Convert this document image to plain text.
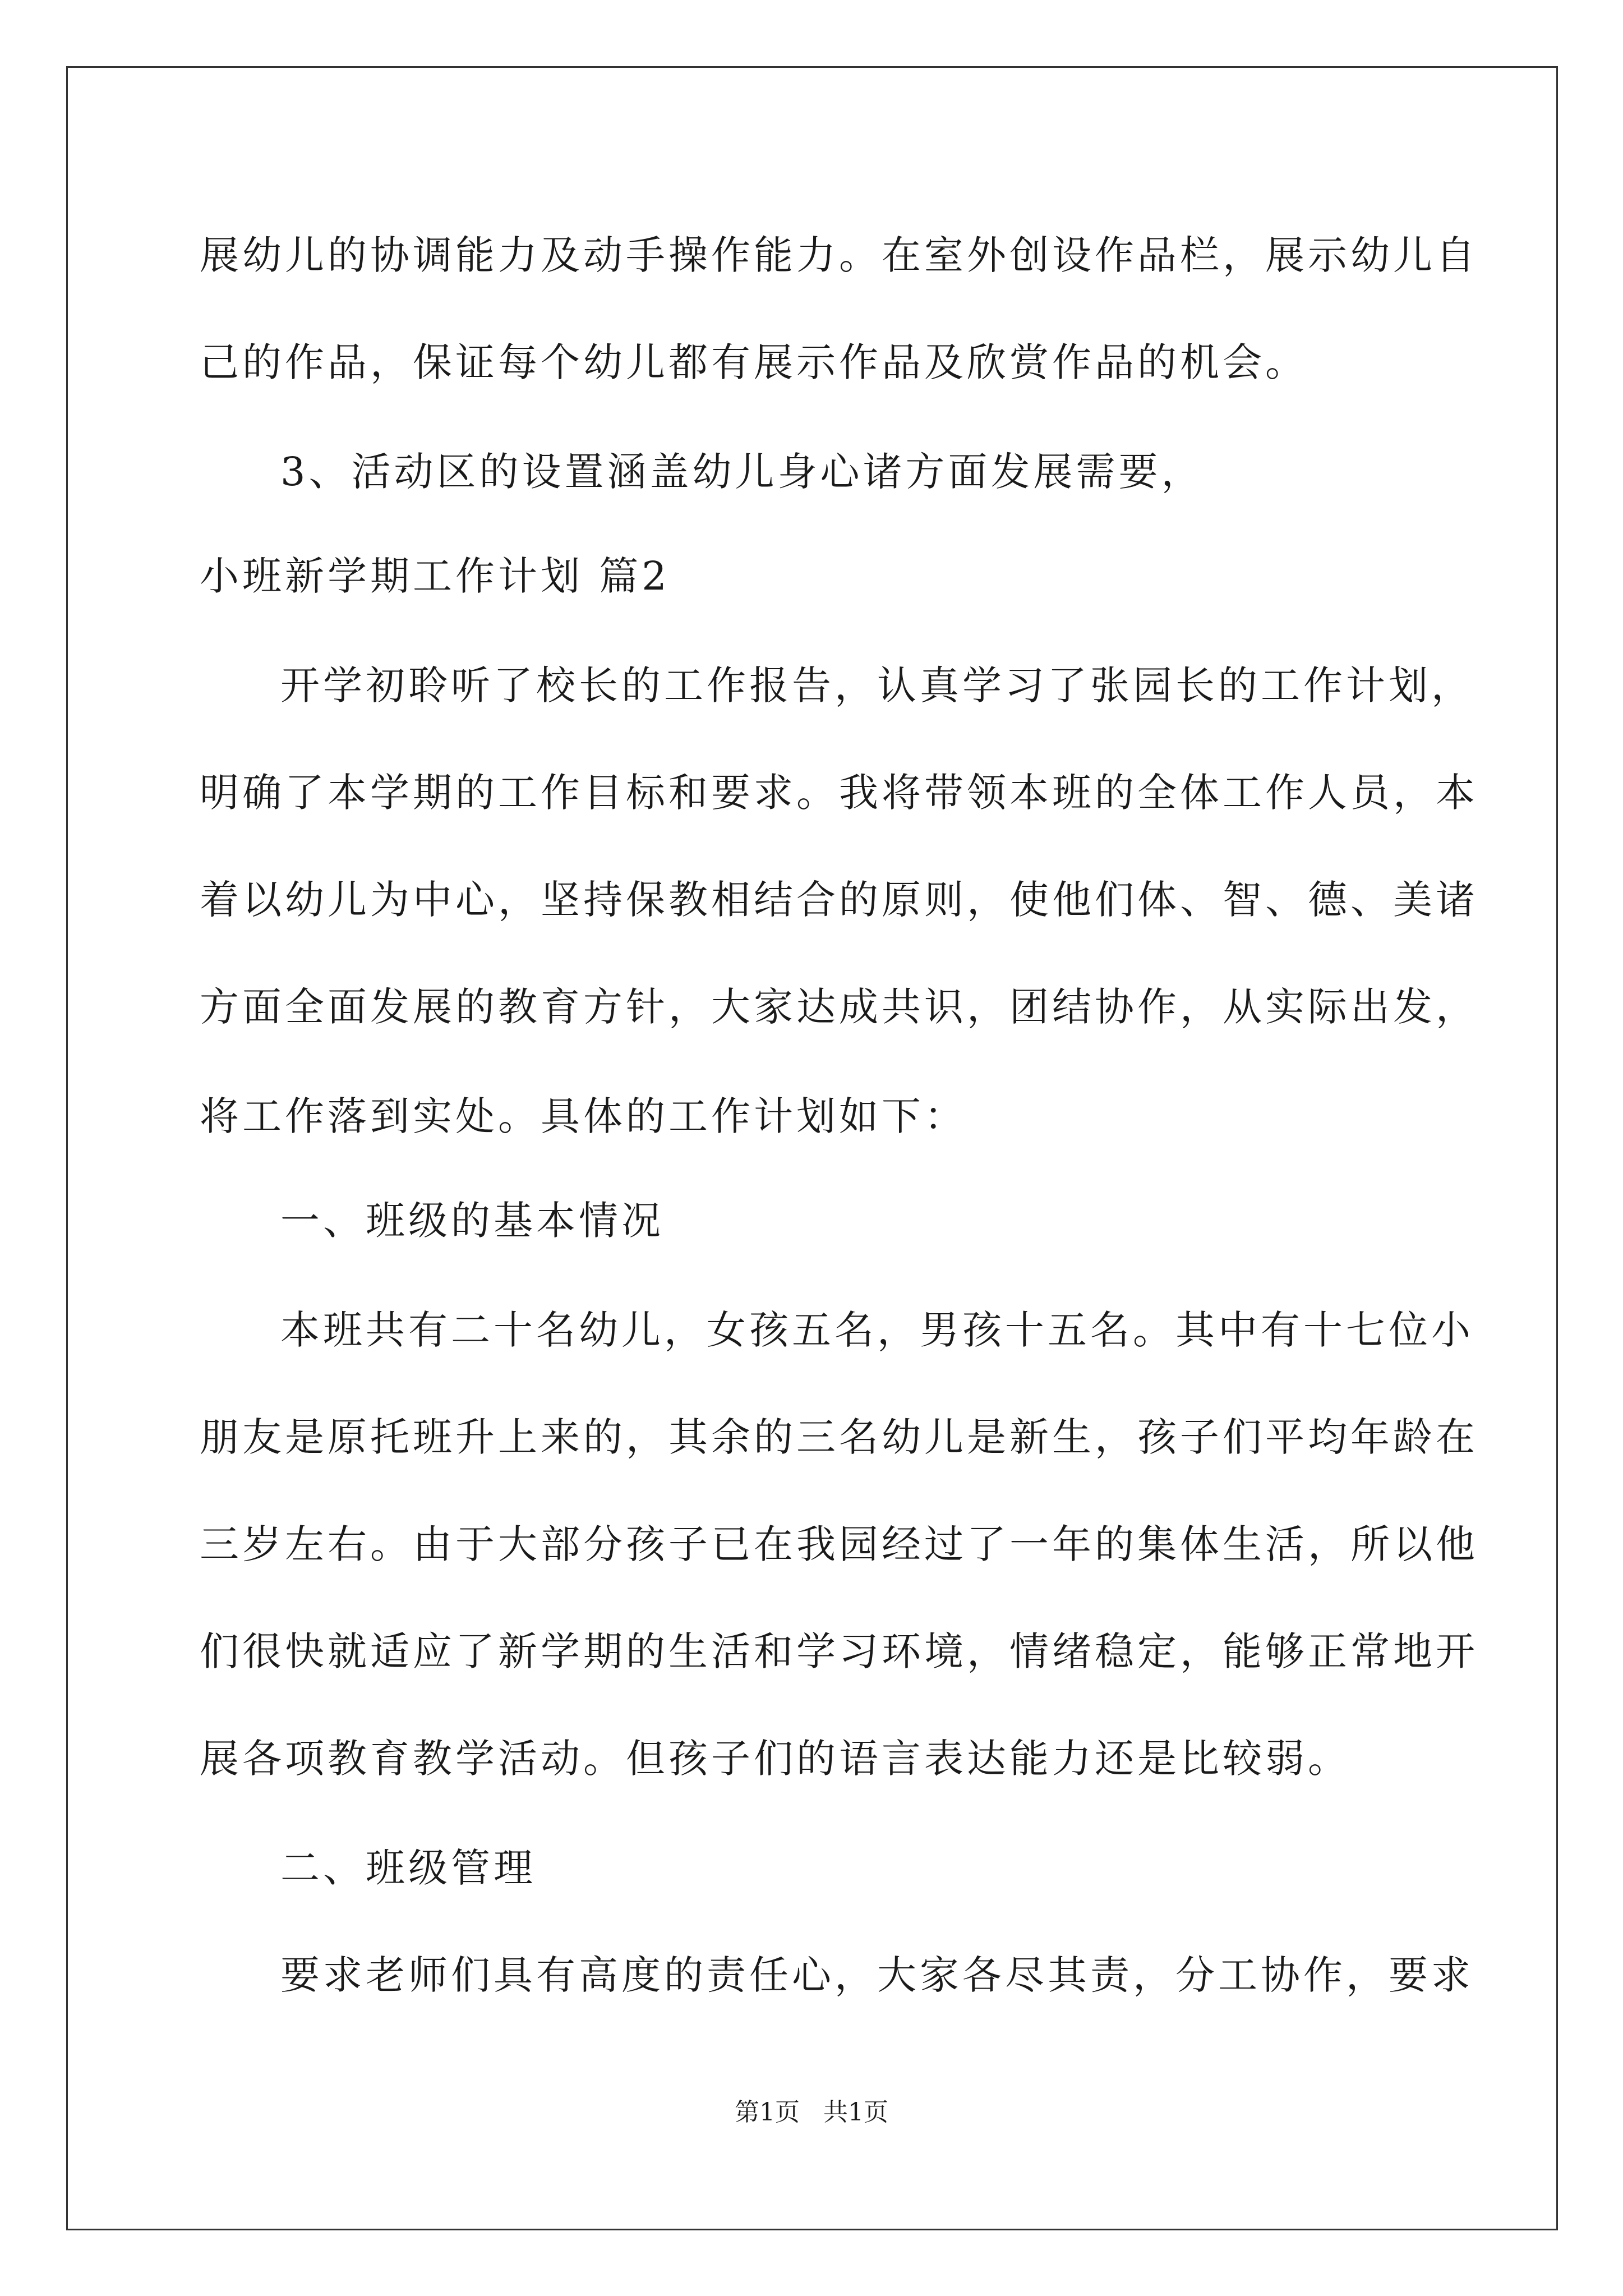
展幼儿的协调能力及动手操作能力。在室外创设作品栏，展示幼儿自
己的作品，保证每个幼儿都有展示作品及欣赏作品的机会。
3、活动区的设置涵盖幼儿身心诸方面发展需要，
小班新学期工作计划 篇2
开学初聆听了校长的工作报告，认真学习了张园长的工作计划，
明确了本学期的工作目标和要求。我将带领本班的全体工作人员，本
着以幼儿为中心，坚持保教相结合的原则，使他们体、智、德、美诸
方面全面发展的教育方针，大家达成共识，团结协作，从实际出发，
将工作落到实处。具体的工作计划如下：
一、班级的基本情况
本班共有二十名幼儿，女孩五名，男孩十五名。其中有十七位小
朋友是原托班升上来的，其余的三名幼儿是新生，孩子们平均年龄在
三岁左右。由于大部分孩子已在我园经过了一年的集体生活，所以他
们很快就适应了新学期的生活和学习环境，情绪稳定，能够正常地开
展各项教育教学活动。但孩子们的语言表达能力还是比较弱。
二、班级管理
要求老师们具有高度的责任心，大家各尽其责，分工协作，要求
第1页   共1页
